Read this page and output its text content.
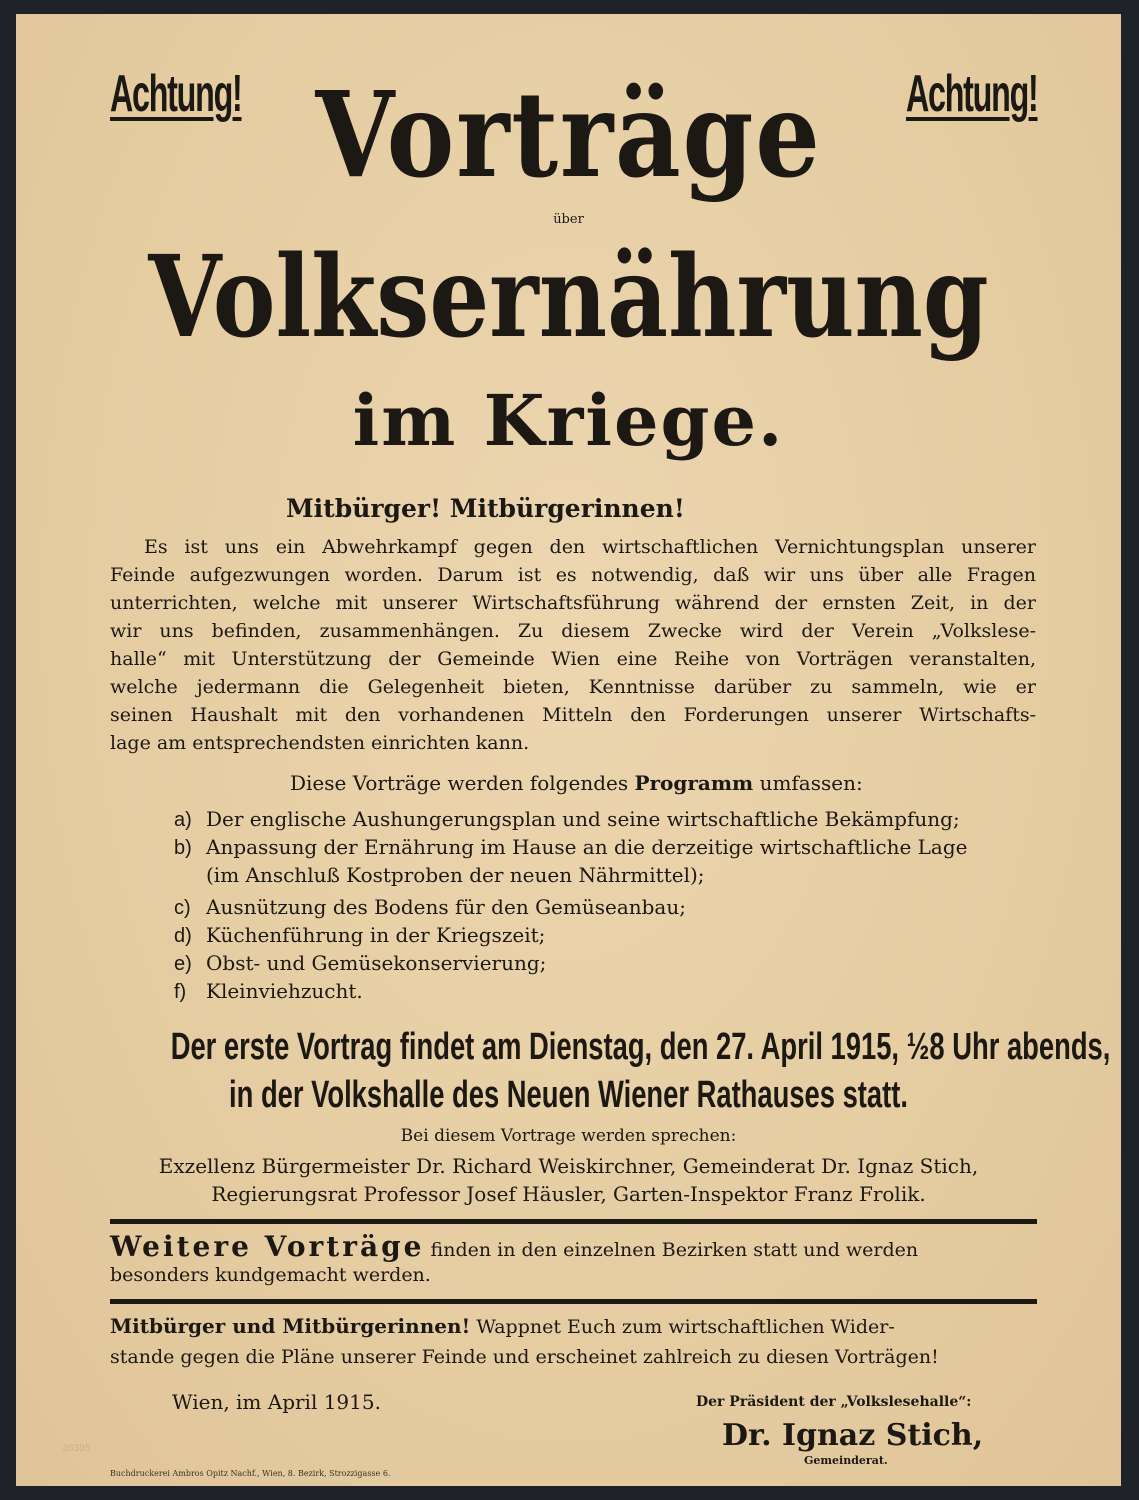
Achtung!	Achtung!
Vorträge
über
Volksernährung
im Kriege.
Mitbürger! Mitbürgerinnen!
Es ist uns ein Abwehrkampf gegen den wirtschaftlichen Vernichtungsplan unserer
Feinde aufgezwungen worden. Darum ist es notwendig, daß wir uns über alle Fragen
unterrichten, welche mit unserer Wirtschaftsführung während der ernsten Zeit, in der
wir uns befinden, zusammenhängen. Zu diesem Zwecke wird der Verein „Volkslese-
halle“ mit Unterstützung der Gemeinde Wien eine Reihe von Vorträgen veranstalten,
welche jedermann die Gelegenheit bieten, Kenntnisse darüber zu sammeln, wie er
seinen Haushalt mit den vorhandenen Mitteln den Forderungen unserer Wirtschafts-
lage am entsprechendsten einrichten kann.
Diese Vorträge werden folgendes Programm umfassen:
a) Der englische Aushungerungsplan und seine wirtschaftliche Bekämpfung;
b) Anpassung der Ernährung im Hause an die derzeitige wirtschaftliche Lage
(im Anschluß Kostproben der neuen Nährmittel);
c) Ausnützung des Bodens für den Gemüseanbau;
d) Küchenführung in der Kriegszeit;
e) Obst- und Gemüsekonservierung;
f) Kleinviehzucht.
Der erste Vortrag findet am Dienstag, den 27. April 1915, ½8 Uhr abends,
in der Volkshalle des Neuen Wiener Rathauses statt.
Bei diesem Vortrage werden sprechen:
Exzellenz Bürgermeister Dr. Richard Weiskirchner, Gemeinderat Dr. Ignaz Stich,
Regierungsrat Professor Josef Häusler, Garten-Inspektor Franz Frolik.
Weitere Vorträge finden in den einzelnen Bezirken statt und werden
besonders kundgemacht werden.
Mitbürger und Mitbürgerinnen! Wappnet Euch zum wirtschaftlichen Wider-
stande gegen die Pläne unserer Feinde und erscheinet zahlreich zu diesen Vorträgen!
Wien, im April 1915.	Der Präsident der „Volkslesehalle“:
Dr. Ignaz Stich,
Gemeinderat.
26395
Buchdruckerei Ambros Opitz Nachf., Wien, 8. Bezirk, Strozzigasse 6.
